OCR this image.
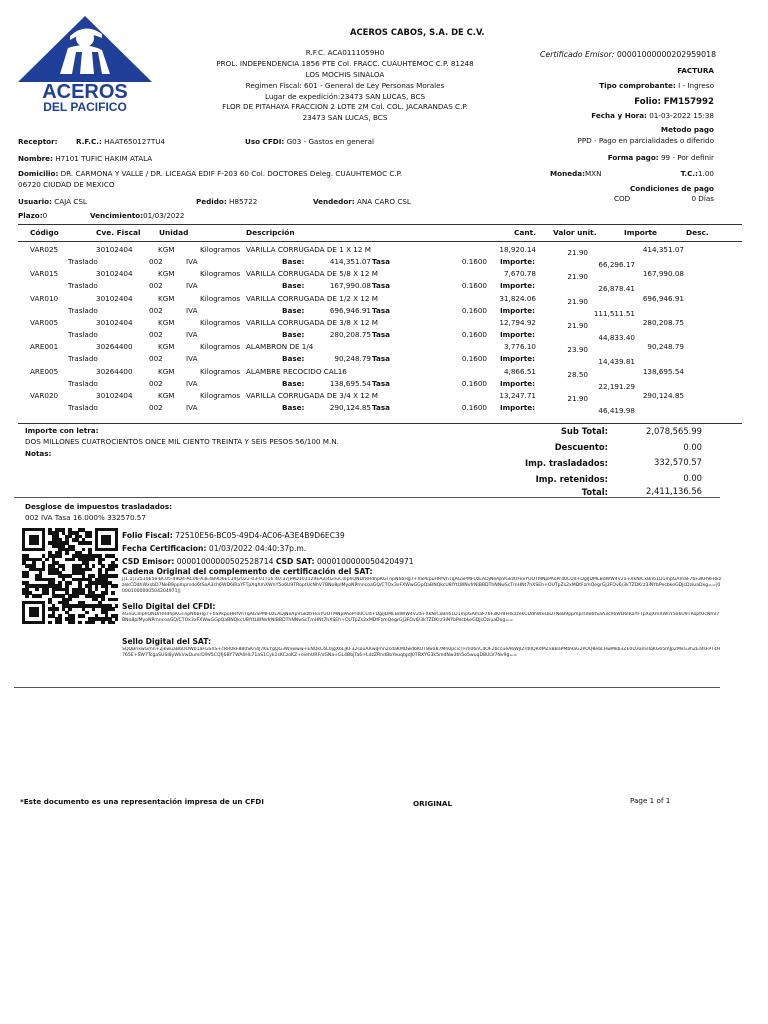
ACEROS
DEL PACIFICO
ACEROS CABOS, S.A. DE C.V.
R.F.C. ACA0111059H0
PROL. INDEPENDENCIA 1856 PTE Col. FRACC. CUAUHTEMOC C.P. 81248
LOS MOCHIS SINALOA
Regimen Fiscal: 601 - General de Ley Personas Morales
Lugar de expedición:23473 SAN LUCAS, BCS
FLOR DE PITAHAYA FRACCION 2 LOTE 2M Col. COL. JACARANDAS C.P.
23473 SAN LUCAS, BCS
Certificado Emisor: 00001000000202959018
FACTURA
Tipo comprobante: I - Ingreso
Folio: FM157992
Fecha y Hora: 01-03-2022 15:38
Metodo pago
PPD - Pago en parcialidades o diferido
Forma pago: 99 - Por definir
Moneda:MXN	T.C.:1.00
Condiciones de pago
COD	0 Días
Receptor:	R.F.C.: HAAT650127TU4	Uso CFDI: G03 - Gastos en general
Nombre: H7101 TUFIC HAKIM ATALA
Domicilio: DR. CARMONA Y VALLE / DR. LICEAGA EDIF F-203 60 Col. DOCTORES Deleg. CUAUHTEMOC C.P.
06720 CIUDAD DE MEXICO
Usuario: CAJA CSL	Pedido: H85722	Vendedor: ANA CARO CSL
Plazo:0	Vencimiento:01/03/2022
Código	Cve. Fiscal Unidad	Descripción	Cant. Valor unit.	Importe	Desc.
VAR025	30102404	KGM	Kilogramos VARILLA CORRUGADA DE 1 X 12 M	18,920.14	21.90	414,351.07
Traslado	002	IVA	Base:	414,351.07 Tasa	0.1600 Importe:	66,296.17
VAR015	30102404	KGM	Kilogramos VARILLA CORRUGADA DE 5/8 X 12 M	7,670.78	21.90	167,990.08
Traslado	002	IVA	Base:	167,990.08 Tasa	0.1600 Importe:	26,878.41
VAR010	30102404	KGM	Kilogramos VARILLA CORRUGADA DE 1/2 X 12 M	31,824.06	21.90	696,946.91
Traslado	002	IVA	Base:	696,946.91 Tasa	0.1600 Importe:	111,511.51
VAR005	30102404	KGM	Kilogramos VARILLA CORRUGADA DE 3/8 X 12 M	12,794.92	21.90	280,208.75
Traslado	002	IVA	Base:	280,208.75 Tasa	0.1600 Importe:	44,833.40
ARE001	30264400	KGM	Kilogramos ALAMBRON DE 1/4	3,776.10	23.90	90,248.79
Traslado	002	IVA	Base:	90,248.79 Tasa	0.1600 Importe:	14,439.81
ARE005	30264400	KGM	Kilogramos ALAMBRE RECOCIDO CAL16	4,866.51	28.50	138,695.54
Traslado	002	IVA	Base:	138,695.54 Tasa	0.1600 Importe:	22,191.29
VAR020	30102404	KGM	Kilogramos VARILLA CORRUGADA DE 3/4 X 12 M	13,247.71	21.90	290,124.85
Traslado	002	IVA	Base:	290,124.85 Tasa	0.1600 Importe:	46,419.98
Importe con letra:
DOS MILLONES CUATROCIENTOS ONCE MIL CIENTO TREINTA Y SEIS PESOS 56/100 M.N.
Notas:
Sub Total:	2,078,565.99
Descuento:	0.00
Imp. trasladados:	332,570.57
Imp. retenidos:	0.00
Total:	2,411,136.56
Desglose de impuestos trasladados:
002 IVA Tasa 16.000% 332570.57
Folio Fiscal: 72510E56-BC05-49D4-AC06-A3E4B9D6EC39
Fecha Certificacion: 01/03/2022 04:40:37p.m.
CSD Emisor: 00001000000502528714 CSD SAT: 00001000000504204971
Cadena Original del complemento de certificación del SAT:
||1.1|72510E56-BC05-49D4-AC06-A3E4B9D6EC39|2022-03-01T16:40:37|PPD101129EA3|4GnuC0lphQNDrRRdhpKGTnpN6bHg7+hSPkpuHRfVhTqAGSPMFUzLADjNeApVGkzt/FkvYUOTMNpPAoPr40CUd+DgIJDMLBdWW4V2a+XkN/CxBn61D1mpGAmaF76F3KH9FRkzzekCDdhWxsbD7NeB9ppmprsdo6tSaA3ch6WD6IRaYFTpXqXmXWnY5o6U9TRoptUcNhV7BNo8pIMyoNPmncoaGQ/CTOx3xFXWwGGpQaBNQkcU8lYtLWNvfrNIBBDThNNwScTmHNt7hXSEh+OUTpZs2xMDtFzmQegrGJ3FOv6/3kTZDKrz3iNYbPecbkeGDJcDziuaDxg==|00001000000504204971||
Sello Digital del CFDI:
4GnuC0lphQNDrRRdhpKGTnpN6bHg7+hSPkpuHRfVhTqAGSPMFUzLADjNeApVGkzt/FkvYUOTMNpPAoPr40CUd+DgIJDMLBdWW4V2a+XkN/CxBn61D1mpGAmaF76F3KH9FRkzzekCDdhWxsbD7NeB9ppmprsdo6tSaA3ch6WD6IRaYFTpXqXmXWnY5o6U9TRoptUcNhV7BNo8pIMyoNPmncoaGQ/CTOx3xFXWwGGpQaBNQkcU8lYtLWNvfrNIBBDThNNwScTmHNt7hXSEh+OUTpZs2xMDtFzmQegrGJ3FOv6/3kTZDKrz3iNYbPecbkeGDJcDziuaDxg==
Sello Digital del SAT:
SQQBnxwGmn+2jkwuaB6OOW01aFGSXS+cRR0kF880SKn4J7KEYgQG3Wvwww+ENQkC6L0jgX6LjKF32souARwqmn2sdaKMDwdbKOT8wa87Mn0pcicTFm06nC4OF2bccueA6WjIZrdIIQRdMZxBBaPMb9aG2PDQ8ebLHwMkb3ZE0D3amsIqKG65mJp2MxG3hZEafsFPT4H765E+SW7TcgaSUSI8yWkVwDumrD9V5CQfj6BY7WA0HL71aS1Cyk1sKCzoKZ+eiehURF/xGNa+GL4BbjTa6+LdzZRndBbYeuqtgdJ07BXYG3k5mdNw3th5o5wuqD8ULV7Nv9g==
*Este documento es una representación impresa de un CFDI	ORIGINAL	Page 1 of 1
